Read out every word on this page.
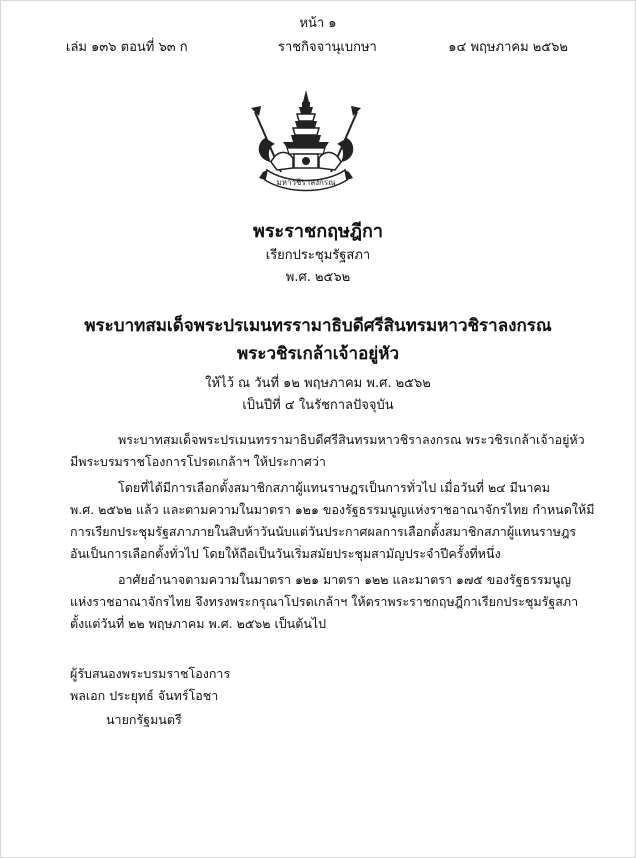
หน้า ๑
เล่ม ๑๓๖ ตอนที่ ๖๓ ก	ราชกิจจานุเบกษา	๑๔ พฤษภาคม ๒๕๖๒
มหาวชิราลงกรณ
พระราชกฤษฎีกา
เรียกประชุมรัฐสภา
พ.ศ. ๒๕๖๒
พระบาทสมเด็จพระปรเมนทรรามาธิบดีศรีสินทรมหาวชิราลงกรณ
พระวชิรเกล้าเจ้าอยู่หัว
ให้ไว้ ณ วันที่ ๑๒ พฤษภาคม พ.ศ. ๒๕๖๒
เป็นปีที่ ๔ ในรัชกาลปัจจุบัน
พระบาทสมเด็จพระปรเมนทรรามาธิบดีศรีสินทรมหาวชิราลงกรณ พระวชิรเกล้าเจ้าอยู่หัว
มีพระบรมราชโองการโปรดเกล้าฯ ให้ประกาศว่า
โดยที่ได้มีการเลือกตั้งสมาชิกสภาผู้แทนราษฎรเป็นการทั่วไป เมื่อวันที่ ๒๔ มีนาคม
พ.ศ. ๒๕๖๒ แล้ว และตามความในมาตรา ๑๒๑ ของรัฐธรรมนูญแห่งราชอาณาจักรไทย กำหนดให้มี
การเรียกประชุมรัฐสภาภายในสิบห้าวันนับแต่วันประกาศผลการเลือกตั้งสมาชิกสภาผู้แทนราษฎร
อันเป็นการเลือกตั้งทั่วไป โดยให้ถือเป็นวันเริ่มสมัยประชุมสามัญประจำปีครั้งที่หนึ่ง
อาศัยอำนาจตามความในมาตรา ๑๒๑ มาตรา ๑๒๒ และมาตรา ๑๗๕ ของรัฐธรรมนูญ
แห่งราชอาณาจักรไทย จึงทรงพระกรุณาโปรดเกล้าฯ ให้ตราพระราชกฤษฎีกาเรียกประชุมรัฐสภา
ตั้งแต่วันที่ ๒๒ พฤษภาคม พ.ศ. ๒๕๖๒ เป็นต้นไป
ผู้รับสนองพระบรมราชโองการ
พลเอก ประยุทธ์ จันทร์โอชา
นายกรัฐมนตรี
